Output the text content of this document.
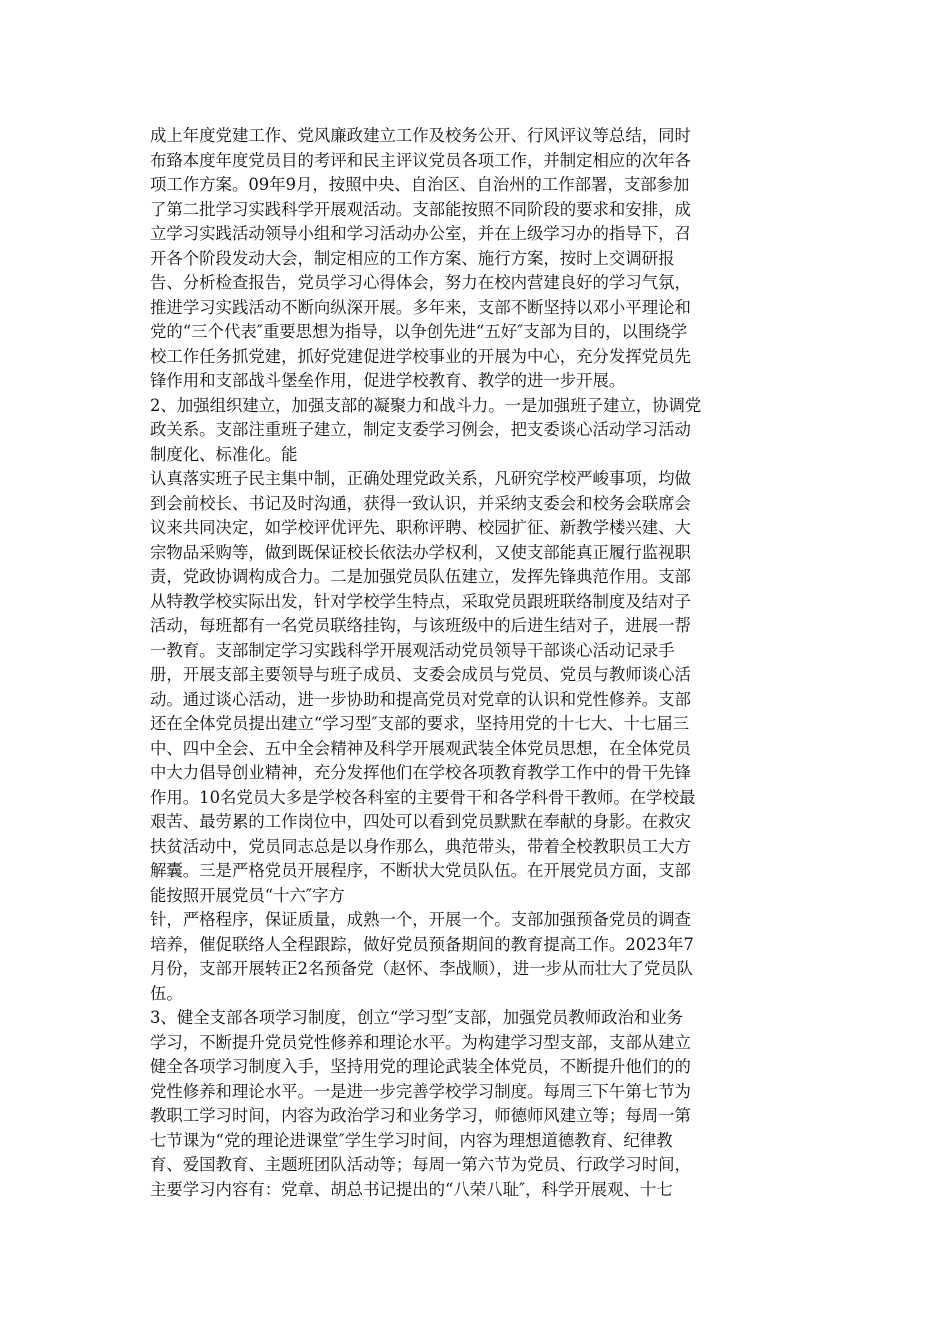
成上年度党建工作、党风廉政建立工作及校务公开、行风评议等总结，同时
布臵本度年度党员目的考评和民主评议党员各项工作，并制定相应的次年各
项工作方案。09年9月，按照中央、自治区、自治州的工作部署，支部参加
了第二批学习实践科学开展观活动。支部能按照不同阶段的要求和安排，成
立学习实践活动领导小组和学习活动办公室，并在上级学习办的指导下，召
开各个阶段发动大会，制定相应的工作方案、施行方案，按时上交调研报
告、分析检查报告，党员学习心得体会，努力在校内营建良好的学习气氛，
推进学习实践活动不断向纵深开展。多年来，支部不断坚持以邓小平理论和
党的“三个代表″重要思想为指导，以争创先进“五好″支部为目的，以围绕学
校工作任务抓党建，抓好党建促进学校事业的开展为中心，充分发挥党员先
锋作用和支部战斗堡垒作用，促进学校教育、教学的进一步开展。
2、加强组织建立，加强支部的凝聚力和战斗力。一是加强班子建立，协调党
政关系。支部注重班子建立，制定支委学习例会，把支委谈心活动学习活动
制度化、标准化。能
认真落实班子民主集中制，正确处理党政关系，凡研究学校严峻事项，均做
到会前校长、书记及时沟通，获得一致认识，并采纳支委会和校务会联席会
议来共同决定，如学校评优评先、职称评聘、校园扩征、新教学楼兴建、大
宗物品采购等，做到既保证校长依法办学权利，又使支部能真正履行监视职
责，党政协调构成合力。二是加强党员队伍建立，发挥先锋典范作用。支部
从特教学校实际出发，针对学校学生特点，采取党员跟班联络制度及结对子
活动，每班都有一名党员联络挂钩，与该班级中的后进生结对子，进展一帮
一教育。支部制定学习实践科学开展观活动党员领导干部谈心活动记录手
册，开展支部主要领导与班子成员、支委会成员与党员、党员与教师谈心活
动。通过谈心活动，进一步协助和提高党员对党章的认识和党性修养。支部
还在全体党员提出建立“学习型″支部的要求，坚持用党的十七大、十七届三
中、四中全会、五中全会精神及科学开展观武装全体党员思想，在全体党员
中大力倡导创业精神，充分发挥他们在学校各项教育教学工作中的骨干先锋
作用。10名党员大多是学校各科室的主要骨干和各学科骨干教师。在学校最
艰苦、最劳累的工作岗位中，四处可以看到党员默默在奉献的身影。在救灾
扶贫活动中，党员同志总是以身作那么，典范带头，带着全校教职员工大方
解囊。三是严格党员开展程序，不断状大党员队伍。在开展党员方面，支部
能按照开展党员“十六″字方
针，严格程序，保证质量，成熟一个，开展一个。支部加强预备党员的调查
培养，催促联络人全程跟踪，做好党员预备期间的教育提高工作。2023年7
月份，支部开展转正2名预备党（赵怀、李战顺），进一步从而壮大了党员队
伍。
3、健全支部各项学习制度，创立“学习型″支部，加强党员教师政治和业务
学习，不断提升党员党性修养和理论水平。为构建学习型支部，支部从建立
健全各项学习制度入手，坚持用党的理论武装全体党员，不断提升他们的的
党性修养和理论水平。一是进一步完善学校学习制度。每周三下午第七节为
教职工学习时间，内容为政治学习和业务学习，师德师风建立等；每周一第
七节课为“党的理论进课堂″学生学习时间，内容为理想道德教育、纪律教
育、爱国教育、主题班团队活动等；每周一第六节为党员、行政学习时间，
主要学习内容有：党章、胡总书记提出的“八荣八耻″，科学开展观、十七
